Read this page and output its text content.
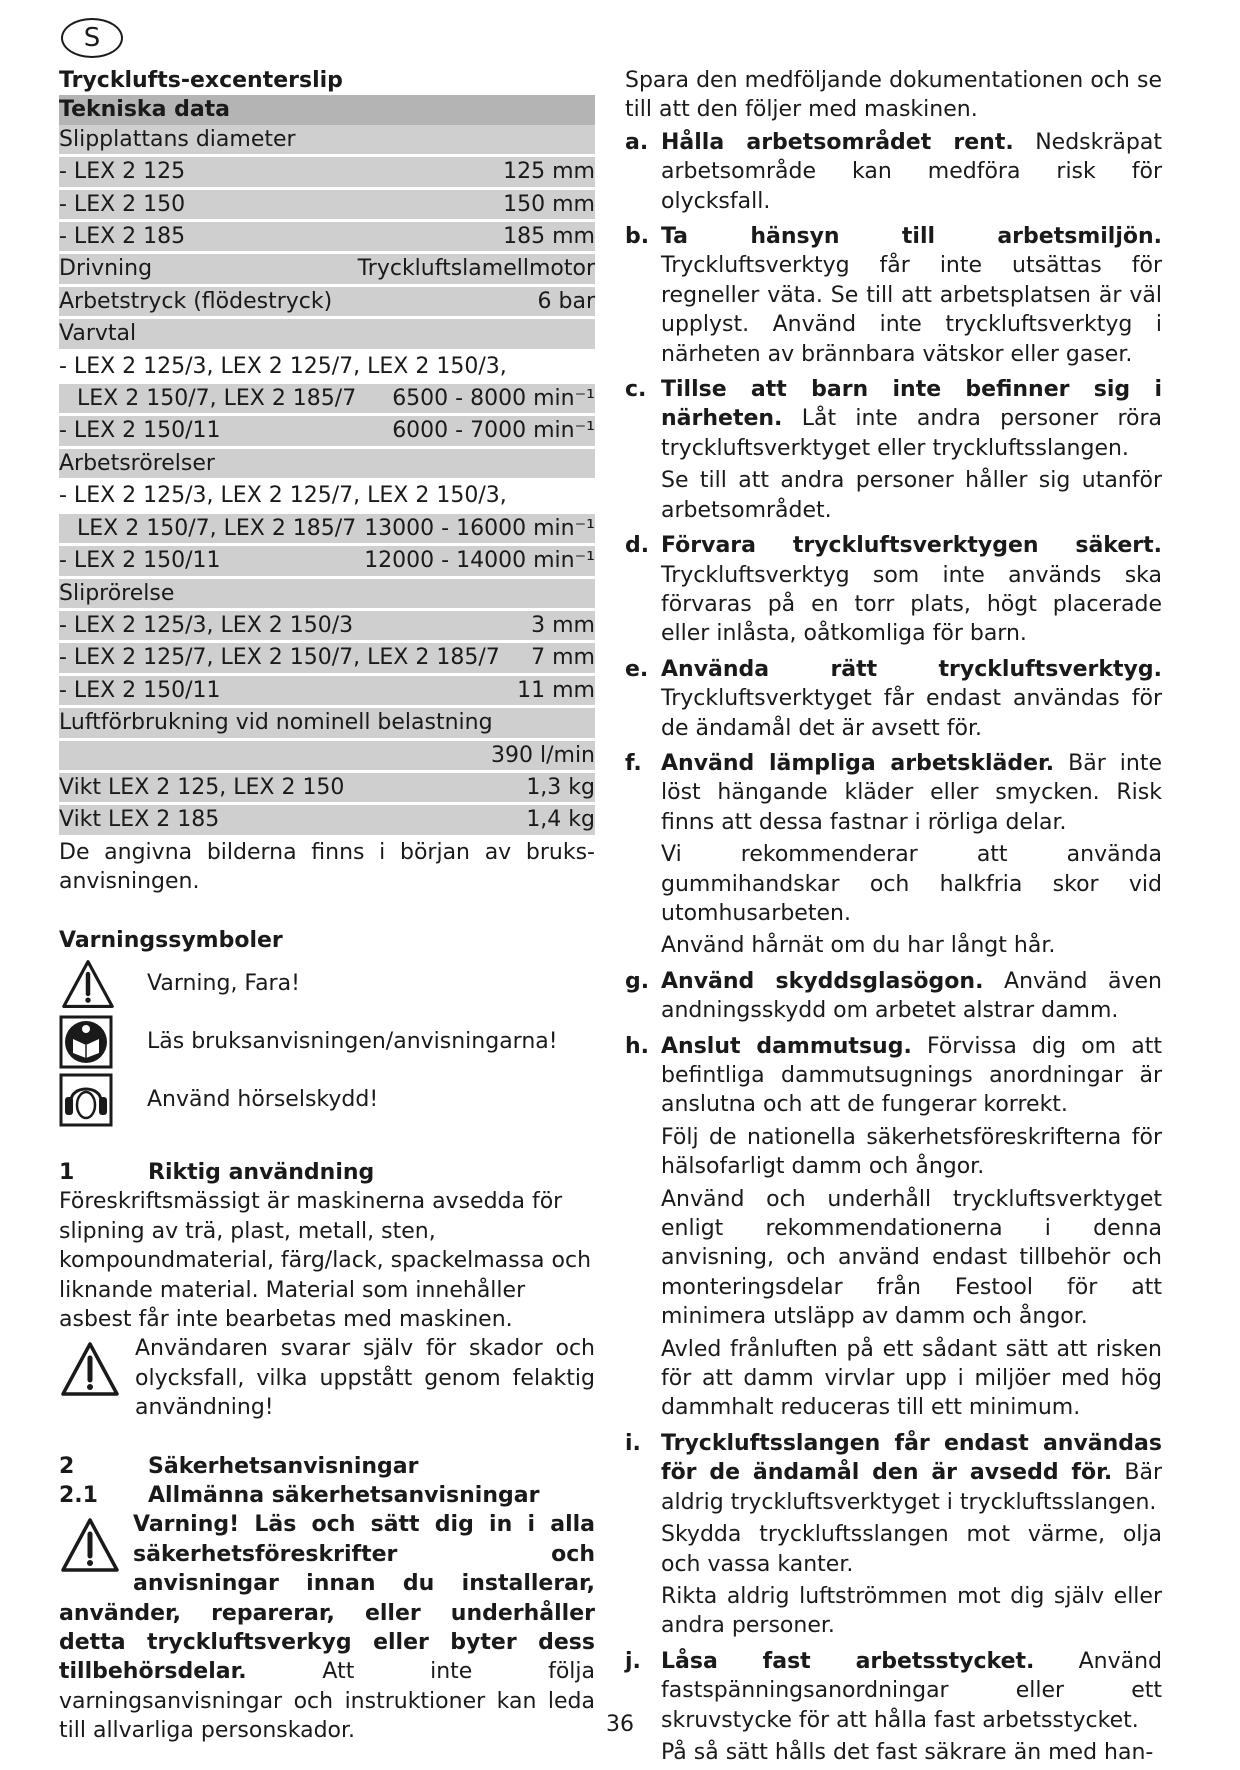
S
Trycklufts-excenterslip
Tekniska data
Slipplattans diameter
- LEX 2 125	125 mm
- LEX 2 150	150 mm
- LEX 2 185	185 mm
Drivning	Tryckluftslamellmotor
Arbetstryck (flödestryck)	6 bar
Varvtal
- LEX 2 125/3, LEX 2 125/7, LEX 2 150/3,
LEX 2 150/7, LEX 2 185/7 6500 - 8000 min⁻¹
- LEX 2 150/11	6000 - 7000 min⁻¹
Arbetsrörelser
- LEX 2 125/3, LEX 2 125/7, LEX 2 150/3,
LEX 2 150/7, LEX 2 185/7 13000 - 16000 min⁻¹
- LEX 2 150/11	12000 - 14000 min⁻¹
Sliprörelse
- LEX 2 125/3, LEX 2 150/3	3 mm
- LEX 2 125/7, LEX 2 150/7, LEX 2 185/7 7 mm
- LEX 2 150/11	11 mm
Luftförbrukning vid nominell belastning
390 l/min
Vikt LEX 2 125, LEX 2 150	1,3 kg
Vikt LEX 2 185	1,4 kg
De angivna bilderna finns i början av bruks-anvisningen.
Varningssymboler
Varning, Fara!
Läs bruksanvisningen/anvisningarna!
Använd hörselskydd!
1	Riktig användning
Föreskriftsmässigt är maskinerna avsedda för slipning av trä, plast, metall, sten, kompoundmaterial, färg/lack, spackelmassa och liknande material. Material som innehåller asbest får inte bearbetas med maskinen.
Användaren svarar själv för skador och olycksfall, vilka uppstått genom felaktig användning!
2	Säkerhetsanvisningar
2.1	Allmänna säkerhetsanvisningar
Varning! Läs och sätt dig in i alla säkerhetsföreskrifter och anvisningar innan du installerar, använder, reparerar, eller underhåller detta tryckluftsverkyg eller byter dess tillbehörsdelar. Att inte följa varningsanvisningar och instruktioner kan leda till allvarliga personskador.
Spara den medföljande dokumentationen och se till att den följer med maskinen.
a. Hålla arbetsområdet rent. Nedskräpat arbetsområde kan medföra risk för olycksfall.
b. Ta hänsyn till arbetsmiljön. Tryckluftsverktyg får inte utsättas för regneller väta. Se till att arbetsplatsen är väl upplyst. Använd inte tryckluftsverktyg i närheten av brännbara vätskor eller gaser.
c. Tillse att barn inte befinner sig i närheten. Låt inte andra personer röra tryckluftsverktyget eller tryckluftsslangen.
Se till att andra personer håller sig utanför arbetsområdet.
d. Förvara tryckluftsverktygen säkert. Tryckluftsverktyg som inte används ska förvaras på en torr plats, högt placerade eller inlåsta, oåtkomliga för barn.
e. Använda rätt tryckluftsverktyg. Tryckluftsverktyget får endast användas för de ändamål det är avsett för.
f. Använd lämpliga arbetskläder. Bär inte löst hängande kläder eller smycken. Risk finns att dessa fastnar i rörliga delar.
Vi rekommenderar att använda gummihandskar och halkfria skor vid utomhusarbeten.
Använd hårnät om du har långt hår.
g. Använd skyddsglasögon. Använd även andningsskydd om arbetet alstrar damm.
h. Anslut dammutsug. Förvissa dig om att befintliga dammutsugnings anordningar är anslutna och att de fungerar korrekt.
Följ de nationella säkerhetsföreskrifterna för hälsofarligt damm och ångor.
Använd och underhåll tryckluftsverktyget enligt rekommendationerna i denna anvisning, och använd endast tillbehör och monteringsdelar från Festool för att minimera utsläpp av damm och ångor.
Avled frånluften på ett sådant sätt att risken för att damm virvlar upp i miljöer med hög dammhalt reduceras till ett minimum.
i. Tryckluftsslangen får endast användas för de ändamål den är avsedd för. Bär aldrig tryckluftsverktyget i tryckluftsslangen.
Skydda tryckluftsslangen mot värme, olja och vassa kanter.
Rikta aldrig luftströmmen mot dig själv eller andra personer.
j. Låsa fast arbetsstycket. Använd fastspänningsanordningar eller ett skruvstycke för att hålla fast arbetsstycket.
På så sätt hålls det fast säkrare än med han-
36
